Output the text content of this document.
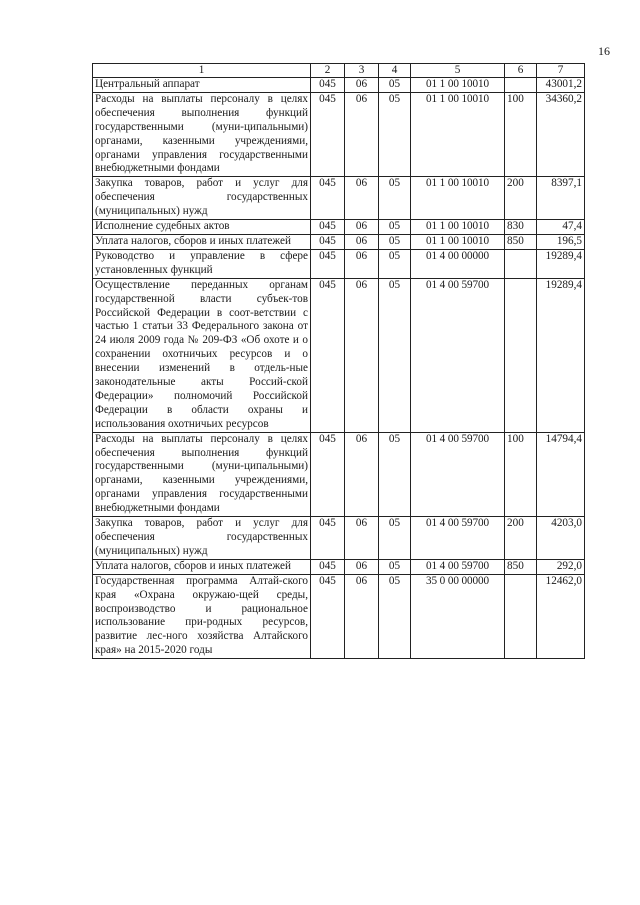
16
1	2	3	4	5	6	7
Центральный аппарат	045	06	05	01 1 00 10010		43001,2
Расходы на выплаты персоналу в целях обеспечения выполнения функций государственными (муни-ципальными) органами, казенными учреждениями, органами управления государственными внебюджетными фондами	045	06	05	01 1 00 10010	100	34360,2
Закупка товаров, работ и услуг для обеспечения государственных (муниципальных) нужд	045	06	05	01 1 00 10010	200	8397,1
Исполнение судебных актов	045	06	05	01 1 00 10010	830	47,4
Уплата налогов, сборов и иных платежей	045	06	05	01 1 00 10010	850	196,5
Руководство и управление в сфере установленных функций	045	06	05	01 4 00 00000		19289,4
Осуществление переданных органам государственной власти субъек-тов Российской Федерации в соот-ветствии с частью 1 статьи 33 Федерального закона от 24 июля 2009 года № 209-ФЗ «Об охоте и о сохранении охотничьих ресурсов и о внесении изменений в отдель-ные законодательные акты Россий-ской Федерации» полномочий Российской Федерации в области охраны и использования охотничьих ресурсов	045	06	05	01 4 00 59700		19289,4
Расходы на выплаты персоналу в целях обеспечения выполнения функций государственными (муни-ципальными) органами, казенными учреждениями, органами управления государственными внебюджетными фондами	045	06	05	01 4 00 59700	100	14794,4
Закупка товаров, работ и услуг для обеспечения государственных (муниципальных) нужд	045	06	05	01 4 00 59700	200	4203,0
Уплата налогов, сборов и иных платежей	045	06	05	01 4 00 59700	850	292,0
Государственная программа Алтай-ского края «Охрана окружаю-щей среды, воспроизводство и рациональное использование при-родных ресурсов, развитие лес-ного хозяйства Алтайского края» на 2015-2020 годы	045	06	05	35 0 00 00000		12462,0
